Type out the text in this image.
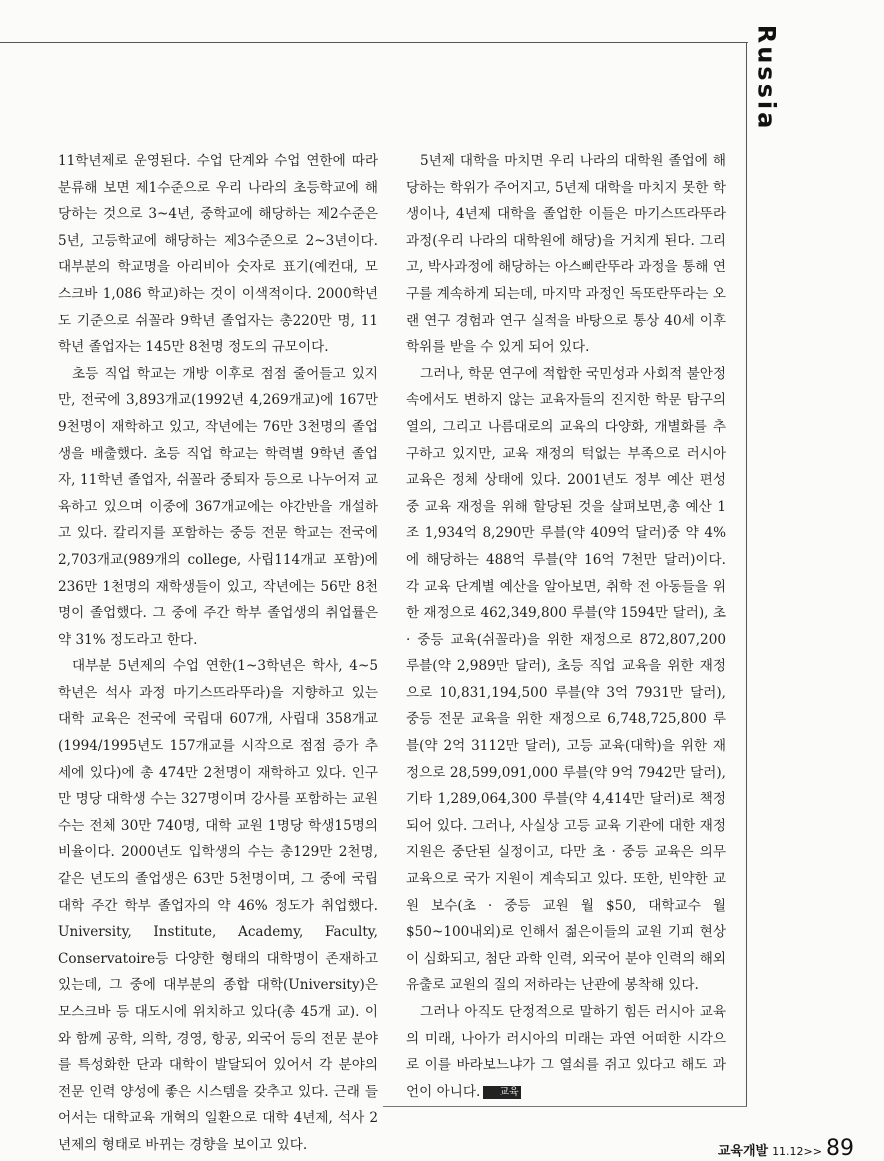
Russia

11학년제로 운영된다. 수업 단계와 수업 연한에 따라 분류해 보면 제1수준으로 우리 나라의 초등학교에 해당하는 것으로 3~4년, 중학교에 해당하는 제2수준은 5년, 고등학교에 해당하는 제3수준으로 2~3년이다. 대부분의 학교명을 아리비아 숫자로 표기(예컨대, 모스크바 1,086 학교)하는 것이 이색적이다. 2000학년도 기준으로 쉬꼴라 9학년 졸업자는 총220만 명, 11학년 졸업자는 145만 8천명 정도의 규모이다.

초등 직업 학교는 개방 이후로 점점 줄어들고 있지만, 전국에 3,893개교(1992년 4,269개교)에 167만 9천명이 재학하고 있고, 작년에는 76만 3천명의 졸업생을 배출했다. 초등 직업 학교는 학력별 9학년 졸업자, 11학년 졸업자, 쉬꼴라 중퇴자 등으로 나누어져 교육하고 있으며 이중에 367개교에는 야간반을 개설하고 있다. 칼리지를 포함하는 중등 전문 학교는 전국에 2,703개교(989개의 college, 사립114개교 포함)에 236만 1천명의 재학생들이 있고, 작년에는 56만 8천명이 졸업했다. 그 중에 주간 학부 졸업생의 취업률은 약 31% 정도라고 한다.

대부분 5년제의 수업 연한(1~3학년은 학사, 4~5학년은 석사 과정 마기스뜨라뚜라)을 지향하고 있는 대학 교육은 전국에 국립대 607개, 사립대 358개교(1994/1995년도 157개교를 시작으로 점점 증가 추세에 있다)에 총 474만 2천명이 재학하고 있다. 인구 만 명당 대학생 수는 327명이며 강사를 포함하는 교원 수는 전체 30만 740명, 대학 교원 1명당 학생15명의 비율이다. 2000년도 입학생의 수는 총129만 2천명, 같은 년도의 졸업생은 63만 5천명이며, 그 중에 국립 대학 주간 학부 졸업자의 약 46% 정도가 취업했다. University, Institute, Academy, Faculty, Conservatoire등 다양한 형태의 대학명이 존재하고 있는데, 그 중에 대부분의 종합 대학(University)은 모스크바 등 대도시에 위치하고 있다(총 45개 교). 이와 함께 공학, 의학, 경영, 항공, 외국어 등의 전문 분야를 특성화한 단과 대학이 발달되어 있어서 각 분야의 전문 인력 양성에 좋은 시스템을 갖추고 있다. 근래 들어서는 대학교육 개혁의 일환으로 대학 4년제, 석사 2년제의 형태로 바뀌는 경향을 보이고 있다.

5년제 대학을 마치면 우리 나라의 대학원 졸업에 해당하는 학위가 주어지고, 5년제 대학을 마치지 못한 학생이나, 4년제 대학을 졸업한 이들은 마기스뜨라뚜라 과정(우리 나라의 대학원에 해당)을 거치게 된다. 그리고, 박사과정에 해당하는 아스삐란뚜라 과정을 통해 연구를 계속하게 되는데, 마지막 과정인 독또란뚜라는 오랜 연구 경험과 연구 실적을 바탕으로 통상 40세 이후 학위를 받을 수 있게 되어 있다.

그러나, 학문 연구에 적합한 국민성과 사회적 불안정 속에서도 변하지 않는 교육자들의 진지한 학문 탐구의 열의, 그리고 나름대로의 교육의 다양화, 개별화를 추구하고 있지만, 교육 재정의 턱없는 부족으로 러시아 교육은 정체 상태에 있다. 2001년도 정부 예산 편성 중 교육 재정을 위해 할당된 것을 살펴보면,총 예산 1조 1,934억 8,290만 루블(약 409억 달러)중 약 4%에 해당하는 488억 루블(약 16억 7천만 달러)이다. 각 교육 단계별 예산을 알아보면, 취학 전 아동들을 위한 재정으로 462,349,800 루블(약 1594만 달러), 초 · 중등 교육(쉬꼴라)을 위한 재정으로 872,807,200 루블(약 2,989만 달러), 초등 직업 교육을 위한 재정으로 10,831,194,500 루블(약 3억 7931만 달러), 중등 전문 교육을 위한 재정으로 6,748,725,800 루블(약 2억 3112만 달러), 고등 교육(대학)을 위한 재정으로 28,599,091,000 루블(약 9억 7942만 달러), 기타 1,289,064,300 루블(약 4,414만 달러)로 책정되어 있다. 그러나, 사실상 고등 교육 기관에 대한 재정 지원은 중단된 실정이고, 다만 초 · 중등 교육은 의무 교육으로 국가 지원이 계속되고 있다. 또한, 빈약한 교원 보수(초 · 중등 교원 월 $50, 대학교수 월 $50~100내외)로 인해서 젊은이들의 교원 기피 현상이 심화되고, 첨단 과학 인력, 외국어 분야 인력의 해외 유출로 교원의 질의 저하라는 난관에 봉착해 있다.

그러나 아직도 단정적으로 말하기 힘든 러시아 교육의 미래, 나아가 러시아의 미래는 과연 어떠한 시각으로 이를 바라보느냐가 그 열쇠를 쥐고 있다고 해도 과언이 아니다. 교육

교육개발 11.12>> 89
